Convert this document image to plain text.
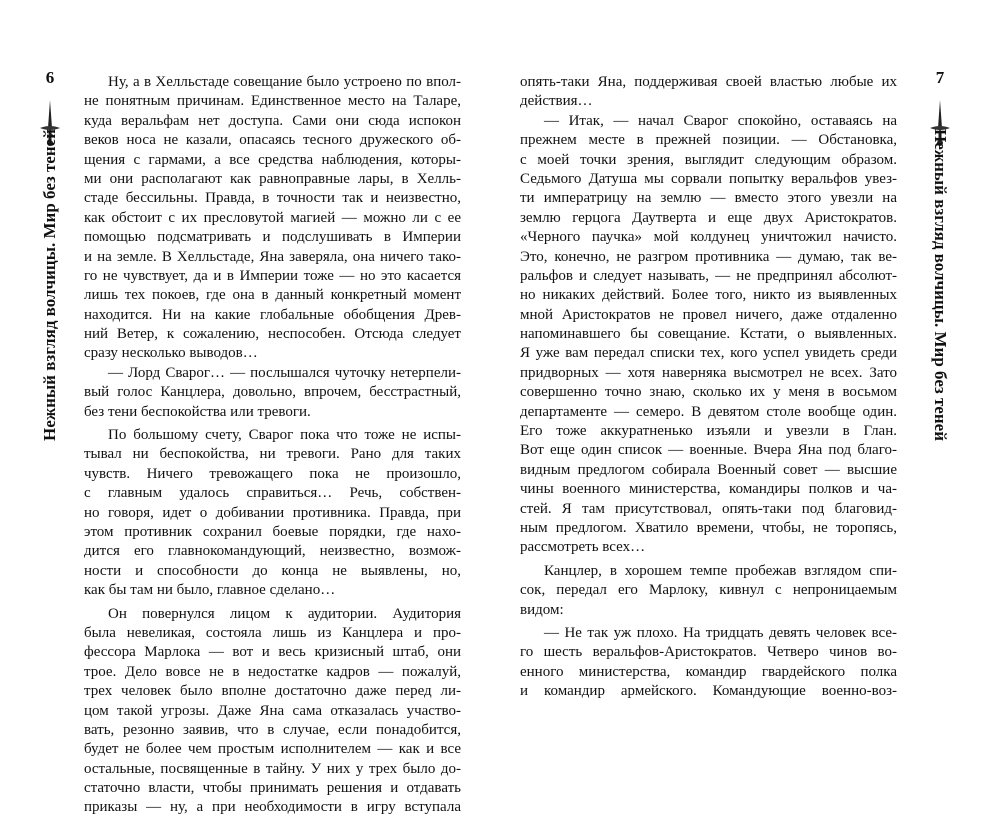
6
Нежный взгляд волчицы. Мир без теней
Ну, а в Хелльстаде совещание было устроено по впол-
не понятным причинам. Единственное место на Таларе,
куда веральфам нет доступа. Сами они сюда испокон
веков носа не казали, опасаясь тесного дружеского об-
щения с гармами, а все средства наблюдения, которы-
ми они располагают как равноправные лары, в Хелль-
стаде бессильны. Правда, в точности так и неизвестно,
как обстоит с их пресловутой магией — можно ли с ее
помощью подсматривать и подслушивать в Империи
и на земле. В Хелльстаде, Яна заверяла, она ничего тако-
го не чувствует, да и в Империи тоже — но это касается
лишь тех покоев, где она в данный конкретный момент
находится. Ни на какие глобальные обобщения Древ-
ний Ветер, к сожалению, неспособен. Отсюда следует
сразу несколько выводов…
— Лорд Сварог… — послышался чуточку нетерпели-
вый голос Канцлера, довольно, впрочем, бесстрастный,
без тени беспокойства или тревоги.
По большому счету, Сварог пока что тоже не испы-
тывал ни беспокойства, ни тревоги. Рано для таких
чувств. Ничего тревожащего пока не произошло,
с главным удалось справиться… Речь, собствен-
но говоря, идет о добивании противника. Правда, при
этом противник сохранил боевые порядки, где нахо-
дится его главнокомандующий, неизвестно, возмож-
ности и способности до конца не выявлены, но,
как бы там ни было, главное сделано…
Он повернулся лицом к аудитории. Аудитория
была невеликая, состояла лишь из Канцлера и про-
фессора Марлока — вот и весь кризисный штаб, они
трое. Дело вовсе не в недостатке кадров — пожалуй,
трех человек было вполне достаточно даже перед ли-
цом такой угрозы. Даже Яна сама отказалась участво-
вать, резонно заявив, что в случае, если понадобится,
будет не более чем простым исполнителем — как и все
остальные, посвященные в тайну. У них у трех было до-
статочно власти, чтобы принимать решения и отдавать
приказы — ну, а при необходимости в игру вступала
7
Нежный взгляд волчицы. Мир без теней
опять-таки Яна, поддерживая своей властью любые их
действия…
— Итак, — начал Сварог спокойно, оставаясь на
прежнем месте в прежней позиции. — Обстановка,
с моей точки зрения, выглядит следующим образом.
Седьмого Датуша мы сорвали попытку веральфов увез-
ти императрицу на землю — вместо этого увезли на
землю герцога Даутверта и еще двух Аристократов.
«Черного паучка» мой колдунец уничтожил начисто.
Это, конечно, не разгром противника — думаю, так ве-
ральфов и следует называть, — не предпринял абсолют-
но никаких действий. Более того, никто из выявленных
мной Аристократов не провел ничего, даже отдаленно
напоминавшего бы совещание. Кстати, о выявленных.
Я уже вам передал списки тех, кого успел увидеть среди
придворных — хотя наверняка высмотрел не всех. Зато
совершенно точно знаю, сколько их у меня в восьмом
департаменте — семеро. В девятом столе вообще один.
Его тоже аккуратненько изъяли и увезли в Глан.
Вот еще один список — военные. Вчера Яна под благо-
видным предлогом собирала Военный совет — высшие
чины военного министерства, командиры полков и ча-
стей. Я там присутствовал, опять-таки под благовид-
ным предлогом. Хватило времени, чтобы, не торопясь,
рассмотреть всех…
Канцлер, в хорошем темпе пробежав взглядом спи-
сок, передал его Марлоку, кивнул с непроницаемым
видом:
— Не так уж плохо. На тридцать девять человек все-
го шесть веральфов-Аристократов. Четверо чинов во-
енного министерства, командир гвардейского полка
и командир армейского. Командующие военно-воз-
